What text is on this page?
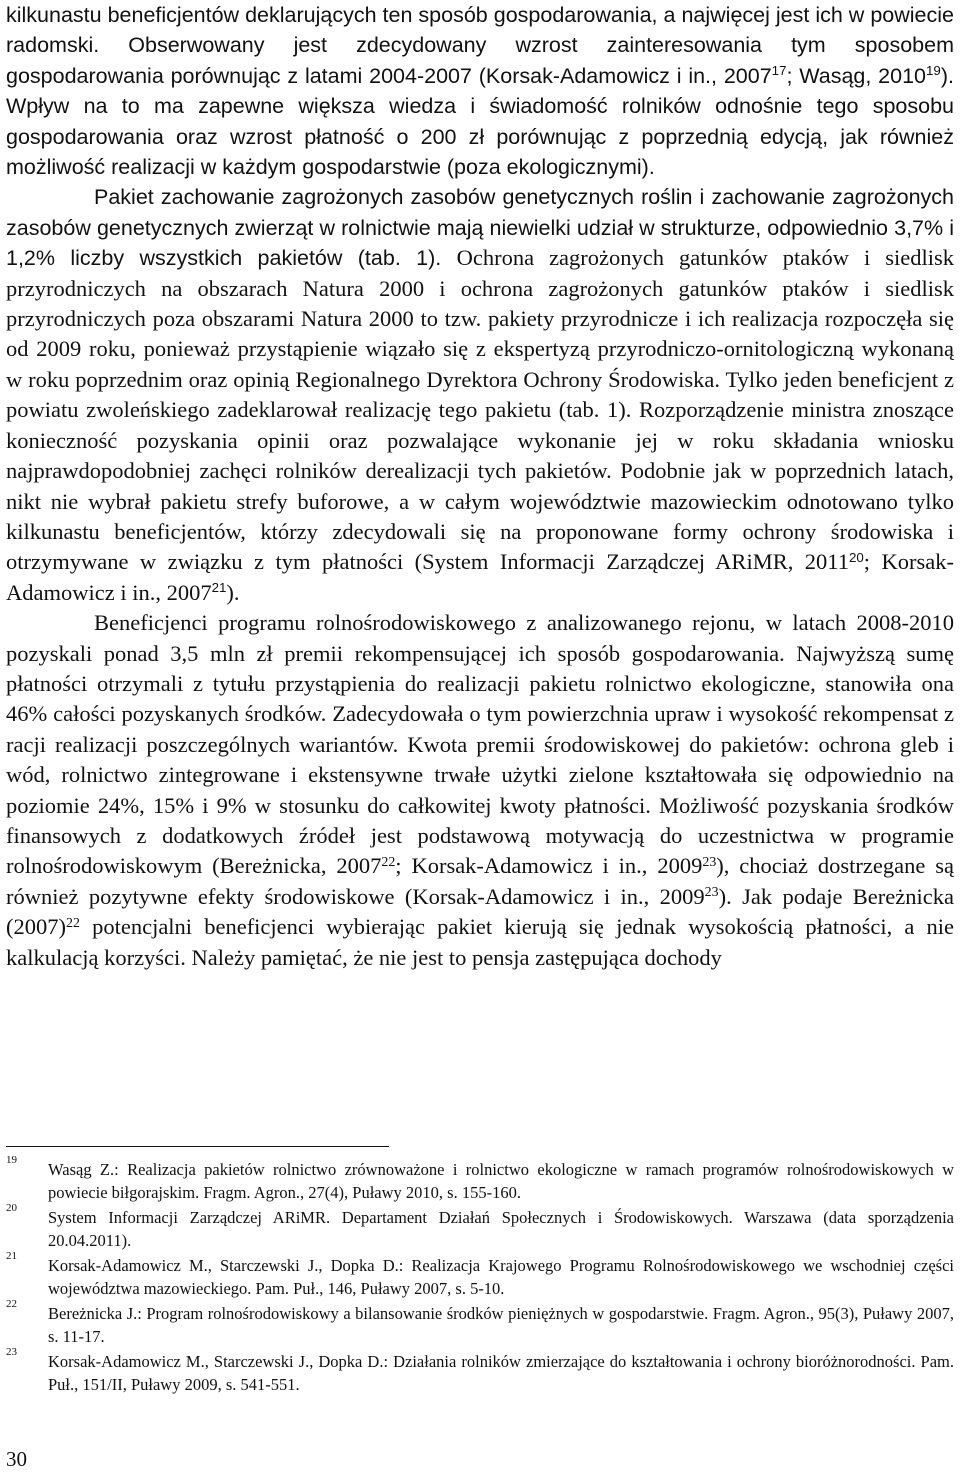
kilkunastu beneficjentów deklarujących ten sposób gospodarowania, a najwięcej jest ich w powiecie radomski. Obserwowany jest zdecydowany wzrost zainteresowania tym sposobem gospodarowania porównując z latami 2004-2007 (Korsak-Adamowicz i in., 2007$^{17}$; Wasąg, 2010$^{19}$). Wpływ na to ma zapewne większa wiedza i świadomość rolników odnośnie tego sposobu gospodarowania oraz wzrost płatność o 200 zł porównując z poprzednią edycją, jak również możliwość realizacji w każdym gospodarstwie (poza ekologicznymi).

Pakiet zachowanie zagrożonych zasobów genetycznych roślin i zachowanie zagrożonych zasobów genetycznych zwierząt w rolnictwie mają niewielki udział w strukturze, odpowiednio 3,7% i 1,2% liczby wszystkich pakietów (tab. 1). Ochrona zagrożonych gatunków ptaków i siedlisk przyrodniczych na obszarach Natura 2000 i ochrona zagrożonych gatunków ptaków i siedlisk przyrodniczych poza obszarami Natura 2000 to tzw. pakiety przyrodnicze i ich realizacja rozpoczęła się od 2009 roku, ponieważ przystąpienie wiązało się z ekspertyzą przyrodniczo-ornitologiczną wykonaną w roku poprzednim oraz opinią Regionalnego Dyrektora Ochrony Środowiska. Tylko jeden beneficjent z powiatu zwoleńskiego zadeklarował realizację tego pakietu (tab. 1). Rozporządzenie ministra znoszące konieczność pozyskania opinii oraz pozwalające wykonanie jej w roku składania wniosku najprawdopodobniej zachęci rolników derealizacji tych pakietów. Podobnie jak w poprzednich latach, nikt nie wybrał pakietu strefy buforowe, a w całym województwie mazowieckim odnotowano tylko kilkunastu beneficjentów, którzy zdecydowali się na proponowane formy ochrony środowiska i otrzymywane w związku z tym płatności (System Informacji Zarządczej ARiMR, 2011$^{20}$; Korsak-Adamowicz i in., 2007$^{21}$).

Beneficjenci programu rolnośrodowiskowego z analizowanego rejonu, w latach 2008-2010 pozyskali ponad 3,5 mln zł premii rekompensującej ich sposób gospodarowania. Najwyższą sumę płatności otrzymali z tytułu przystąpienia do realizacji pakietu rolnictwo ekologiczne, stanowiła ona 46% całości pozyskanych środków. Zadecydowała o tym powierzchnia upraw i wysokość rekompensat z racji realizacji poszczególnych wariantów. Kwota premii środowiskowej do pakietów: ochrona gleb i wód, rolnictwo zintegrowane i ekstensywne trwałe użytki zielone kształtowała się odpowiednio na poziomie 24%, 15% i 9% w stosunku do całkowitej kwoty płatności. Możliwość pozyskania środków finansowych z dodatkowych źródeł jest podstawową motywacją do uczestnictwa w programie rolnośrodowiskowym (Bereżnicka, 2007$^{22}$; Korsak-Adamowicz i in., 2009$^{23}$), chociaż dostrzegane są również pozytywne efekty środowiskowe (Korsak-Adamowicz i in., 2009$^{23}$). Jak podaje Bereżnicka $(2007)^{22}$ potencjalni beneficjenci wybierając pakiet kierują się jednak wysokością płatności, a nie kalkulacją korzyści. Należy pamiętać, że nie jest to pensja zastępująca dochody

19 Wasąg Z.: Realizacja pakietów rolnictwo zrównoważone i rolnictwo ekologiczne w ramach programów rolnośrodowiskowych w powiecie biłgorajskim. Fragm. Agron., 27(4), Puławy 2010, s. 155-160.
20 System Informacji Zarządczej ARiMR. Departament Działań Społecznych i Środowiskowych. Warszawa (data sporządzenia 20.04.2011).
21 Korsak-Adamowicz M., Starczewski J., Dopka D.: Realizacja Krajowego Programu Rolnośrodowiskowego we wschodniej części województwa mazowieckiego. Pam. Puł., 146, Puławy 2007, s. 5-10.
22 Bereżnicka J.: Program rolnośrodowiskowy a bilansowanie środków pieniężnych w gospodarstwie. Fragm. Agron., 95(3), Puławy 2007, s. 11-17.
23 Korsak-Adamowicz M., Starczewski J., Dopka D.: Działania rolników zmierzające do kształtowania i ochrony bioróżnorodności. Pam. Puł., 151/II, Puławy 2009, s. 541-551.
30
